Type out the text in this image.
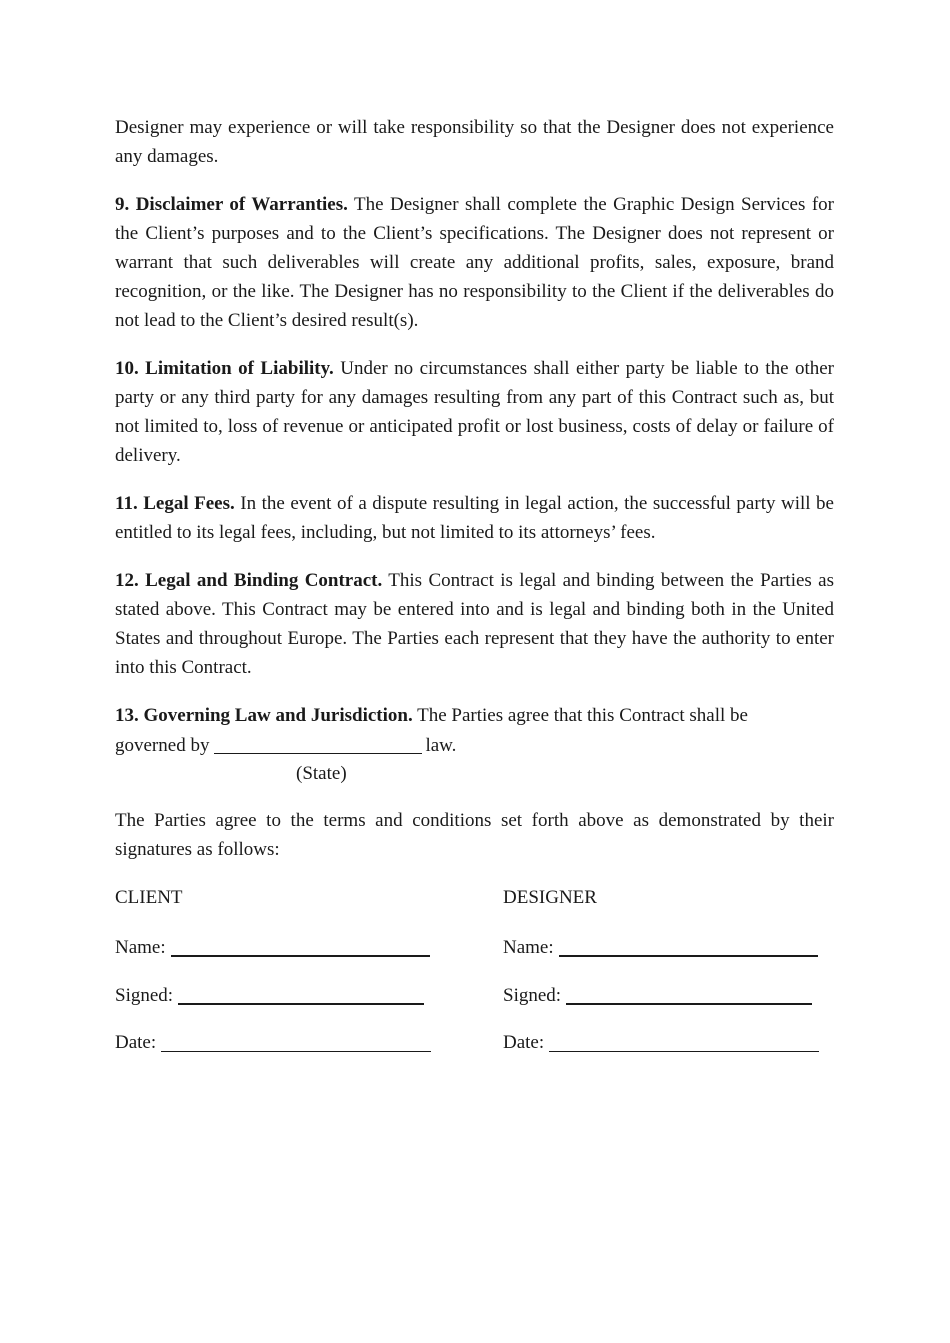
Designer may experience or will take responsibility so that the Designer does not experience any damages.

9. Disclaimer of Warranties. The Designer shall complete the Graphic Design Services for the Client’s purposes and to the Client’s specifications. The Designer does not represent or warrant that such deliverables will create any additional profits, sales, exposure, brand recognition, or the like. The Designer has no responsibility to the Client if the deliverables do not lead to the Client’s desired result(s).

10. Limitation of Liability. Under no circumstances shall either party be liable to the other party or any third party for any damages resulting from any part of this Contract such as, but not limited to, loss of revenue or anticipated profit or lost business, costs of delay or failure of delivery.

11. Legal Fees. In the event of a dispute resulting in legal action, the successful party will be entitled to its legal fees, including, but not limited to its attorneys’ fees.

12. Legal and Binding Contract. This Contract is legal and binding between the Parties as stated above. This Contract may be entered into and is legal and binding both in the United States and throughout Europe. The Parties each represent that they have the authority to enter into this Contract.

13. Governing Law and Jurisdiction. The Parties agree that this Contract shall be

governed by	law.

(State)

The Parties agree to the terms and conditions set forth above as demonstrated by their signatures as follows:

CLIENT
Name:
Signed:
Date:
DESIGNER
Name:
Signed:
Date:
